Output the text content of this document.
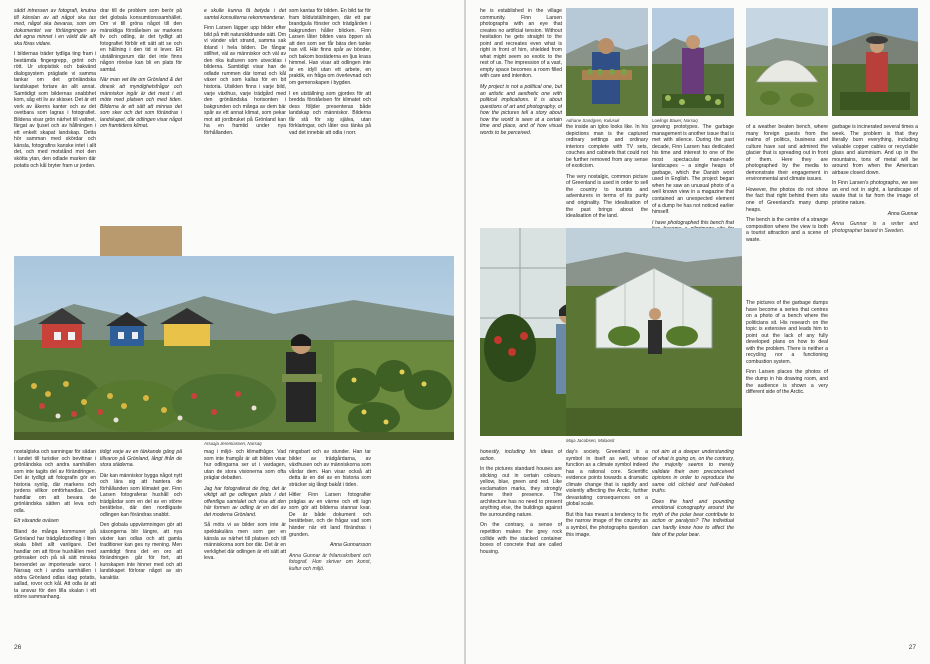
sådd intressen av fotografi, knutna till känslan av att något ska tas med, något ska bevaras, som om dokumentet var förlängningen av det egna minnet i en värld där allt ska föras vidare.

I bildernas träder tydliga ting fram i bestämda fingergrepp, grönt och rött. Ur utopistisk och bakvänd dialogsystem präglade vi samma tankar om det grönländska landskapet fortare än allt annat. Samtidigt som bildernas snabbhet kom, såg ett liv av skisser. Det är ett verk av åkerns kanter och av det ovetbara som lagras i fotografiet. Bildena visar grön närhet till vattnet, färgat av ljuset och av hållningen i ett enkelt skapat landskap. Detta hör samman med skördar och känsla, fotografins kanske intet i allt det, och med motstånd mot den skötta ytan, den odlade marken där potatis och kål bryter fram ur jorden.

drar till de problem som berör på det globala konsumtionssamhället. Om vi till gröna något till den mänskliga förståelsen av markens liv och odling, är det tydligt att fotografiet förblir ett sätt att se och en hållning i den tid vi lever. Ett utställningsrum där det inte finns någon rörelse kan bli en plats för samtal.

När man vet lite om Grönland & det dinesk att myndighetsfrågor och människor ingår är det mest i ett möte med platsen och med tiden. Bilderna är ett sätt att minnas det som sker och det som förändras i landskapet, där odlingen visar något om framtidens klimat.

e skulle kunna få betyda i det samtal konsulterna rekommenderar.

Finn Larsen lägger upp bilder efter bild på mitt naturskildrande sätt. Om vi vänder vårt strand, samma sak ibland i hela bilden. De fångar stillhet, väl av människor och väl av den rika kulturen som utvecklas i bilderna. Samtidigt visar han de odlade rummen där tomat och kål växer och som kallas för en bit historia. Utsikten finns i varje bild, varje växthus, varje trädgård med den grönländska horisonten i bakgrunden och många av dem bär spår av ett annat klimat, som pekar mot att jordbruket på Grönland kan ha en framtid under nya förhållanden.

som kantas för bilden. En bild tar för fram bildutställningen, där ett par brandgula fönster och trädgården i bakgrunden håller blicken. Finn Larsen låter bilden vara öppen så att den som ser får bära den tanke han vill. Här finns spår av bönder, och bakom bostäderna en ljus krass himmel. Han visar att odlingen inte är en idyll utan ett arbete, en praktik, en fråga om överlevnad och om gemenskapen i bygden.

I en utställning som gjordes för att bredda förståelsen för klimatet och dess följder presenteras både landskap och människor. Bilderna får stå för sig själva, utan förklaringar, och låter oss tänka på vad det innebär att odla i norr.

Arsuaja Jeremiassen, Narsaq

nostalgiska och sanningar för sådan i landet till turistier och bevittnar i grönländska och andra samhällen som inte tagits del av förändringen. Det är tydligt att fotografin gör en historia synlig, där markens och jordens villkor omförhandlas. Det handlar om att bevara de grönländska sätten att leva och odla.

Ett växande oväsen

Bland de många kommuner på Grönland har trädgårdsodling i liten skala blivit allt vanligare. Det handlar om att förse hushållen med grönsaker och på så sätt minska beroendet av importerade varor. I Narsaq och i andra samhällen i södra Grönland odlas idag potatis, sallad, rovor och kål. Att odla är att ta ansvar för den lilla skalan i ett större sammanhang.

tidigt varje av en tänkande gång på tillvaron på Grönland, långt ifrån de stora städerna.

Där kan människor bygga något nytt och lära sig att hantera de förhållanden som klimatet ger. Finn Larsen fotograferar hushåll och trädgårdar som en del av en större berättelse, där den nordligaste odlingen kan förändras snabbt.

Den globala uppvärmningen gör att säsongerna blir längre, att nya växter kan odlas och att gamla traditioner kan ges ny mening. Men samtidigt finns det en oro att förändringen går för fort, att kunskapen inte hinner med och att landskapet förlorar något av sin karaktär.

mag i miljö- och klimatfrågor. Vad som inte framgår är att bilden visar hur odlingarna ser ut i vardagen, utan de stora visionerna som ofta präglar debatten.

Jag har fotograferat de ting, det är viktigt att ge odlingen plats i det offentliga samtalet och visa att den här formen av odling är en del av det moderna Grönland.

Så möts vi av bilder som inte är spektakulära men som ger en känsla av närhet till platsen och till människorna som bor där. Det är en verklighet där odlingen är ett sätt att leva.

ningsbart och av stunder. Han tar bilder av trädgårdarna, av växthusen och av människorna som vårdar dem. Han visar också att detta är en del av en historia som sträcker sig långt bakåt i tiden.

Hitler Finn Larsen fotografier präglas av en värme och ett lugn som gör att bilderna stannar kvar. De är både dokument och berättelser, och de frågar vad som händer när ett land förändras i grunden.

Anna Gunnarsson

Anna Gunnar är frilansskribent och fotograf. Hon skriver om konst, kultur och miljö.

26

he is established in the village community. Finn Larsen photographs with an eye that creates no artificial tension. Without hesitation he gets straight to the point and recreates even what is right in front of him, shielded from what might seem so exotic to the rest of us. The impression of a vast, empty space becomes a room filled with care and intention.

My project is not a political one, but an artistic and aesthetic one with political implications. It is about questions of art and photography, of how the pictures tell a story about how the world is seen at a certain time and place, and of how visual words to be perceived.

the inside an igloo looks like. In his depictions man is the captured ordinary settings and ordinary interiors complete with TV sets, couches and cabinets that could not be further removed from any sense of exoticism.

The very nostalgic, common picture of Greenland is used in order to sell the country to tourists and adventurers in terms of its purity and originality. The idealisation of the past brings about the idealisation of the land.

growing prototypes. The garbage management is another issue that is met with silence. During the past decade, Finn Larsen has dedicated his time and interest to one of the most spectacular man-made landscapes – a single heaps of garbage, which the Danish word used in English. The project began when he saw an unusual photo of a well known view in a magazine that contained an unexpected element of a dump he has not noticed earlier himself.

I have photographed this bench that

of a weather beaten bench, where many foreign guests from the realms of politics, business and culture have sat and admired the glacier that is spreading out in front of them. Here they are photographed by the media to demonstrate their engagement in environmental and climate issues.

However, the photos do not show the fact that right behind them sits one of Greenland's many dump heaps.

The bench is the centre of a strange composition where the view is both a tourist attraction and a scene of waste.

Adriane Sandgren, Kulusuk	Loelings Bauer, Narsaq
Maja Jacobsen, Malaosit

honestly, including his ideas of action.

In the pictures standard houses are sticking out in certain colours, yellow, blue, green and red. Like exclamation marks, they strongly frame their presence. The architecture has no need to present anything else, the buildings against the surrounding nature.

On the contrary, a sense of repetition makes the grey rock collide with the stacked container boxes of concrete that are called housing.

day's society. Greenland is a symbol in itself as well, whose function as a climate symbol indeed has a rational core. Scientific evidence points towards a dramatic climate change that is rapidly and violently affecting the Arctic, further devastating consequences on a global scale.

But this has meant a tendency to fix the narrow image of the country as a symbol, the photographs question this image.

not aim at a deeper understanding of what is going on, on the contrary, the majority seems to merely validate their own preconceived opinions in order to reproduce the same old clichéd and half-baked truths.

Does the hard and pounding emotional iconography around the myth of the polar bear contribute to action or paralysis? The individual can hardly know how to affect the fate of the polar bear.

The pictures of the garbage dumps have become a series that centres on a photo of a bench where the politicians sit. His research on the topic is extensive and leads him to point out the lack of any fully developed plans on how to deal with the problem. There is neither a recycling nor a functioning combustion system.

Finn Larsen places the photos of the dump in his drawing room, and the audience is shown a very different side of the Arctic.

garbage is incinerated several times a week. The problem is that they literally burn everything, including valuable copper cables or recyclable glass and aluminium. And up in the mountains, tons of metal will be around from when the American airbase closed down.

In Finn Larsen's photographs, we see an end not in sight, a landscape of waste that is far from the image of pristine nature.

Anna Gunnar

Anna Gunnar is a writer and photographer based in Sweden.

27
